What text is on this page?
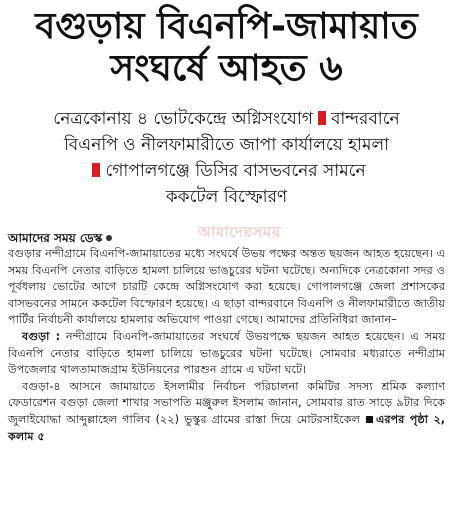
বগুড়ায় বিএনপি-জামায়াত
সংঘর্ষে আহত ৬
নেত্রকোনায় ৪ ভোটকেন্দ্রে অগ্নিসংযোগ বান্দরবানে
বিএনপি ও নীলফামারীতে জাপা কার্যালয়ে হামলা
গোপালগঞ্জে ডিসির বাসভবনের সামনে
ককটেল বিস্ফোরণ
আমাদের সময় ডেস্ক	আমাদেরসময়

বগুড়ার নন্দীগ্রামে বিএনপি-জামায়াতের মধ্যে সংঘর্ষে উভয় পক্ষের অন্তত ছয়জন আহত হয়েছেন। এ সময় বিএনপি নেতার বাড়িতে হামলা চালিয়ে ভাঙচুরের ঘটনা ঘটেছে। অন্যদিকে নেত্রকোনা সদর ও পূর্বধলায় ভোটের আগে চারটি কেন্দ্রে অগ্নিসংযোগ করা হয়েছে। গোপালগঞ্জে জেলা প্রশাসকের বাসভবনের সামনে ককটেল বিস্ফোরণ হয়েছে। এ ছাড়া বান্দরবানে বিএনপি ও নীলফামারীতে জাতীয় পার্টির নির্বাচনী কার্যালয়ে হামলার অভিযোগ পাওয়া গেছে। আমাদের প্রতিনিধিরা জানান–

বগুড়া : নন্দীগ্রামে বিএনপি-জামায়াতের সংঘর্ষে উভয়পক্ষে ছয়জন আহত হয়েছেন। এ সময় বিএনপি নেতার বাড়িতে হামলা চালিয়ে ভাঙচুরের ঘটনা ঘটেছে। সোমবার মধ্যরাতে নন্দীগ্রাম উপজেলার থালতামাজগ্রাম ইউনিয়নের পারশুন গ্রামে এ ঘটনা ঘটে।

বগুড়া-৪ আসনে জামায়াতে ইসলামীর নির্বাচন পরিচালনা কমিটির সদস্য শ্রমিক কল্যাণ ফেডারেশন বগুড়া জেলা শাখার সভাপতি মঞ্জুরুল ইসলাম জানান, সোমবার রাত সাড়ে ৯টার দিকে জুলাইযোদ্ধা আব্দুল্লাহেল গালিব (২২) ভুস্কুর গ্রামের রাস্তা দিয়ে মোটরসাইকেল এরপর পৃষ্ঠা ২, কলাম ৫
